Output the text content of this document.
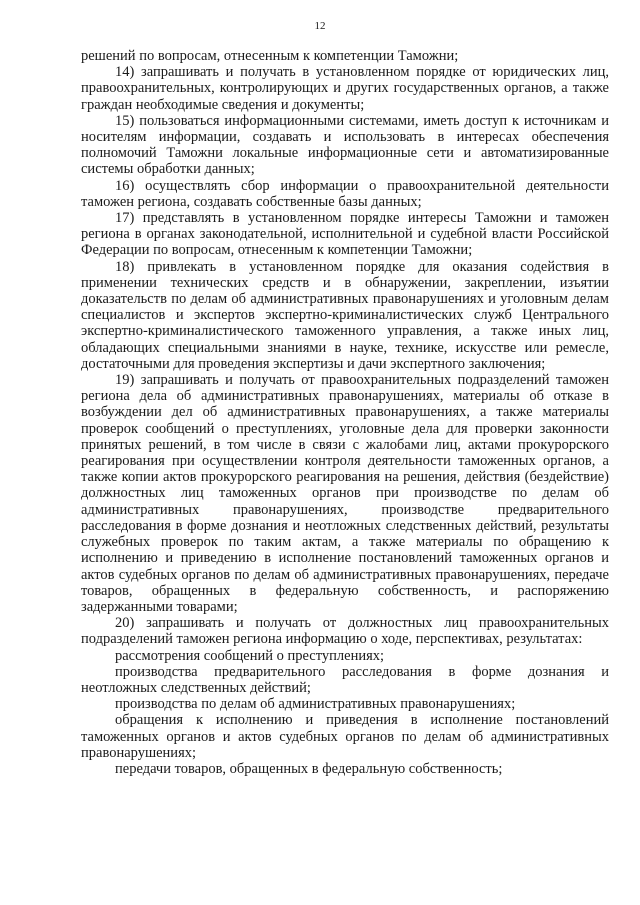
12

решений по вопросам, отнесенным к компетенции Таможни;

14) запрашивать и получать в установленном порядке от юридических лиц, правоохранительных, контролирующих и других государственных органов, а также граждан необходимые сведения и документы;

15) пользоваться информационными системами, иметь доступ к источникам и носителям информации, создавать и использовать в интересах обеспечения полномочий Таможни локальные информационные сети и автоматизированные системы обработки данных;

16) осуществлять сбор информации о правоохранительной деятельности таможен региона, создавать собственные базы данных;

17) представлять в установленном порядке интересы Таможни и таможен региона в органах законодательной, исполнительной и судебной власти Российской Федерации по вопросам, отнесенным к компетенции Таможни;

18) привлекать в установленном порядке для оказания содействия в применении технических средств и в обнаружении, закреплении, изъятии доказательств по делам об административных правонарушениях и уголовным делам специалистов и экспертов экспертно-криминалистических служб Центрального экспертно-криминалистического таможенного управления, а также иных лиц, обладающих специальными знаниями в науке, технике, искусстве или ремесле, достаточными для проведения экспертизы и дачи экспертного заключения;

19) запрашивать и получать от правоохранительных подразделений таможен региона дела об административных правонарушениях, материалы об отказе в возбуждении дел об административных правонарушениях, а также материалы проверок сообщений о преступлениях, уголовные дела для проверки законности принятых решений, в том числе в связи с жалобами лиц, актами прокурорского реагирования при осуществлении контроля деятельности таможенных органов, а также копии актов прокурорского реагирования на решения, действия (бездействие) должностных лиц таможенных органов при производстве по делам об административных правонарушениях, производстве предварительного расследования в форме дознания и неотложных следственных действий, результаты служебных проверок по таким актам, а также материалы по обращению к исполнению и приведению в исполнение постановлений таможенных органов и актов судебных органов по делам об административных правонарушениях, передаче товаров, обращенных в федеральную собственность, и распоряжению задержанными товарами;

20) запрашивать и получать от должностных лиц правоохранительных подразделений таможен региона информацию о ходе, перспективах, результатах:

рассмотрения сообщений о преступлениях;

производства предварительного расследования в форме дознания и неотложных следственных действий;

производства по делам об административных правонарушениях;

обращения к исполнению и приведения в исполнение постановлений таможенных органов и актов судебных органов по делам об административных правонарушениях;

передачи товаров, обращенных в федеральную собственность;
